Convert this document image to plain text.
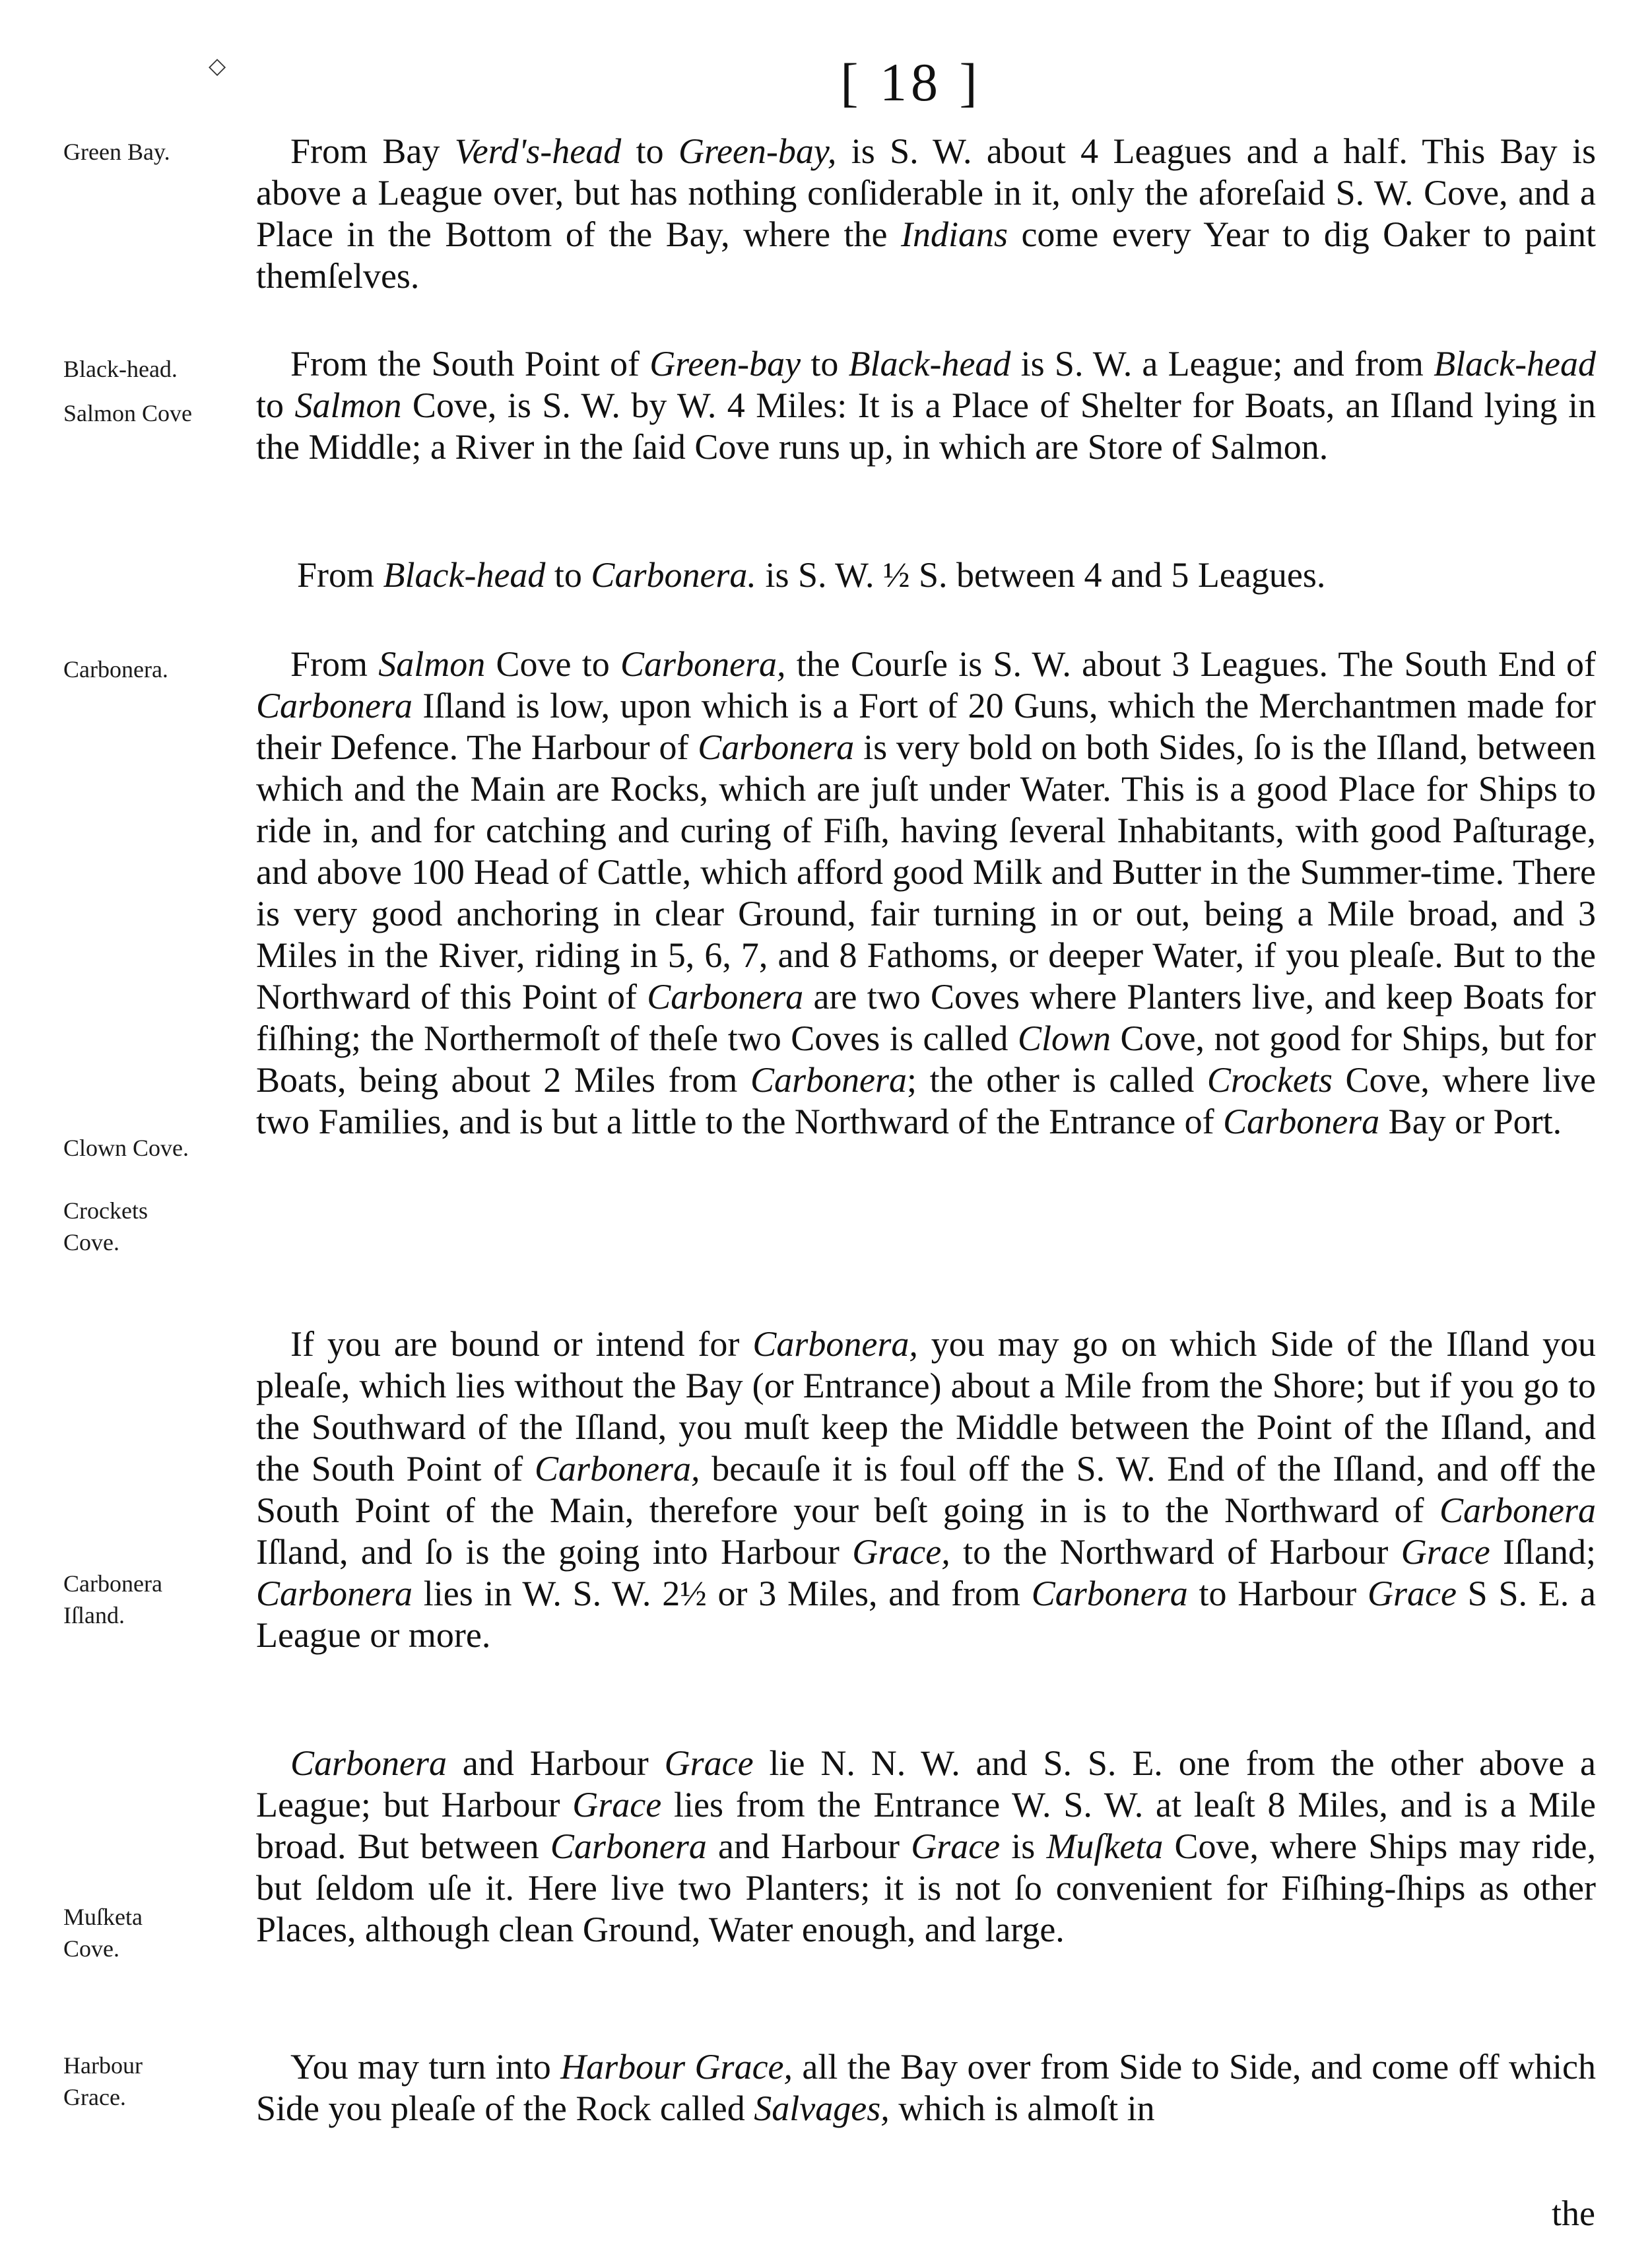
◇	[ 18 ]
Green Bay.
Black-head.
Salmon Cove
Carbonera.
Clown Cove.
Crockets Cove.
Carbonera Iſland.
Muſketa Cove.
Harbour Grace.

From Bay Verd's-head to Green-bay, is S. W. about 4 Leagues and a half. This Bay is above a League over, but has nothing conſiderable in it, only the aforeſaid S. W. Cove, and a Place in the Bottom of the Bay, where the Indians come every Year to dig Oaker to paint themſelves.

From the South Point of Green-bay to Black-head is S. W. a League; and from Black-head to Salmon Cove, is S. W. by W. 4 Miles: It is a Place of Shelter for Boats, an Iſland lying in the Middle; a River in the ſaid Cove runs up, in which are Store of Salmon.

From Black-head to Carbonera. is S. W. ½ S. between 4 and 5 Leagues.

From Salmon Cove to Carbonera, the Courſe is S. W. about 3 Leagues. The South End of Carbonera Iſland is low, upon which is a Fort of 20 Guns, which the Merchantmen made for their Defence. The Harbour of Carbonera is very bold on both Sides, ſo is the Iſland, between which and the Main are Rocks, which are juſt under Water. This is a good Place for Ships to ride in, and for catching and curing of Fiſh, having ſeveral Inhabitants, with good Paſturage, and above 100 Head of Cattle, which afford good Milk and Butter in the Summer-time. There is very good anchoring in clear Ground, fair turning in or out, being a Mile broad, and 3 Miles in the River, riding in 5, 6, 7, and 8 Fathoms, or deeper Water, if you pleaſe. But to the Northward of this Point of Carbonera are two Coves where Planters live, and keep Boats for fiſhing; the Northermoſt of theſe two Coves is called Clown Cove, not good for Ships, but for Boats, being about 2 Miles from Carbonera; the other is called Crockets Cove, where live two Families, and is but a little to the Northward of the Entrance of Carbonera Bay or Port.

If you are bound or intend for Carbonera, you may go on which Side of the Iſland you pleaſe, which lies without the Bay (or Entrance) about a Mile from the Shore; but if you go to the Southward of the Iſland, you muſt keep the Middle between the Point of the Iſland, and the South Point of Carbonera, becauſe it is foul off the S. W. End of the Iſland, and off the South Point of the Main, therefore your beſt going in is to the Northward of Carbonera Iſland, and ſo is the going into Harbour Grace, to the Northward of Harbour Grace Iſland; Carbonera lies in W. S. W. 2½ or 3 Miles, and from Carbonera to Harbour Grace S S. E. a League or more.

Carbonera and Harbour Grace lie N. N. W. and S. S. E. one from the other above a League; but Harbour Grace lies from the Entrance W. S. W. at leaſt 8 Miles, and is a Mile broad. But between Carbonera and Harbour Grace is Muſketa Cove, where Ships may ride, but ſeldom uſe it. Here live two Planters; it is not ſo convenient for Fiſhing-ſhips as other Places, although clean Ground, Water enough, and large.

You may turn into Harbour Grace, all the Bay over from Side to Side, and come off which Side you pleaſe of the Rock called Salvages, which is almoſt in

the
